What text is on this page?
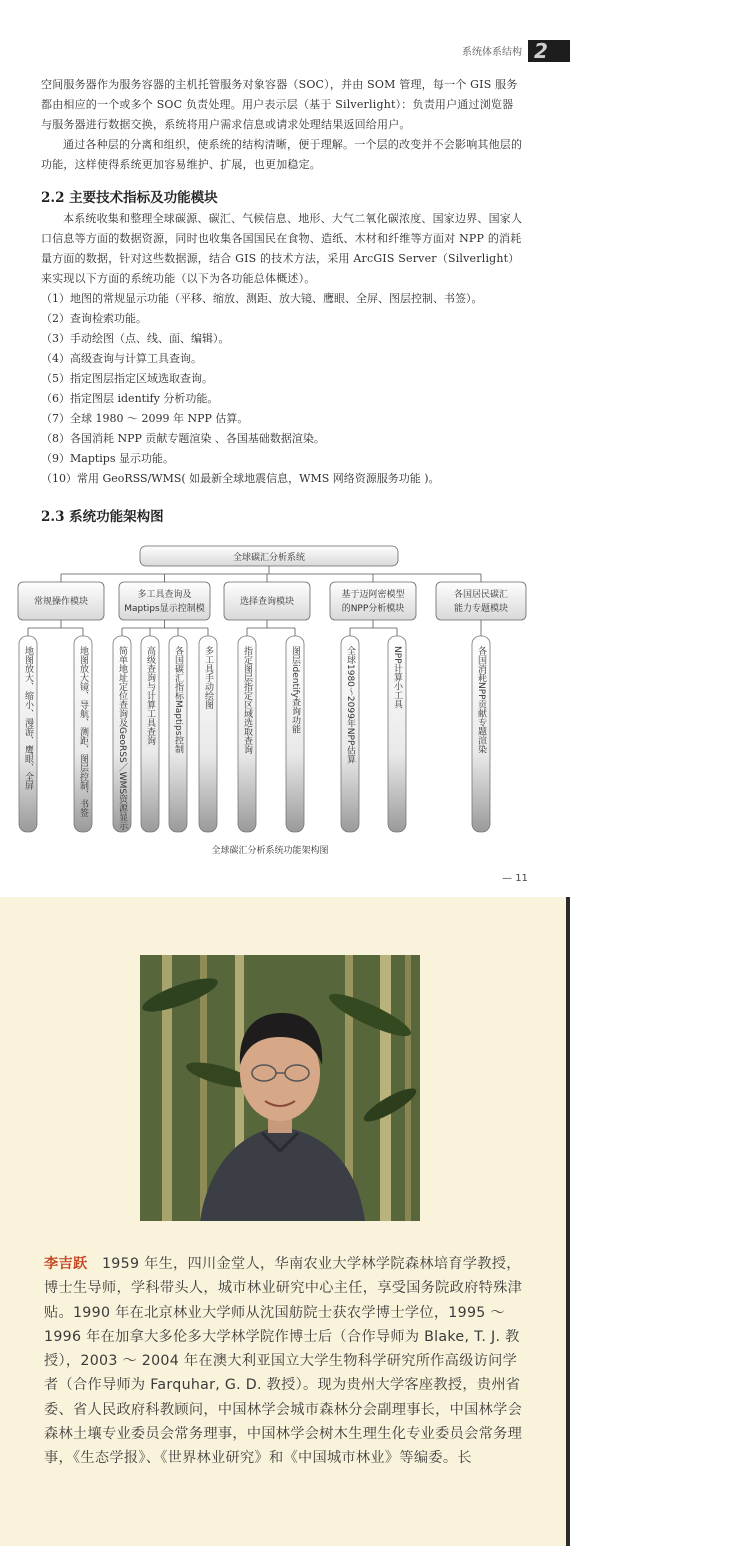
系统体系结构 2
空间服务器作为服务容器的主机托管服务对象容器（SOC），并由 SOM 管理，每一个 GIS 服务都由相应的一个或多个 SOC 负责处理。用户表示层（基于 Silverlight）：负责用户通过浏览器与服务器进行数据交换，系统将用户需求信息或请求处理结果返回给用户。
通过各种层的分离和组织，使系统的结构清晰，便于理解。一个层的改变并不会影响其他层的功能，这样使得系统更加容易维护、扩展，也更加稳定。
2.2 主要技术指标及功能模块
本系统收集和整理全球碳源、碳汇、气候信息、地形、大气二氧化碳浓度、国家边界、国家人口信息等方面的数据资源，同时也收集各国国民在食物、造纸、木材和纤维等方面对 NPP 的消耗量方面的数据，针对这些数据源，结合 GIS 的技术方法，采用 ArcGIS Server（Silverlight）来实现以下方面的系统功能（以下为各功能总体概述）。
（1）地图的常规显示功能（平移、缩放、测距、放大镜、鹰眼、全屏、图层控制、书签）。
（2）查询检索功能。
（3）手动绘图（点、线、面、编辑）。
（4）高级查询与计算工具查询。
（5）指定图层指定区域选取查询。
（6）指定图层 identify 分析功能。
（7）全球 1980 ～ 2099 年 NPP 估算。
（8）各国消耗 NPP 贡献专题渲染 、各国基础数据渲染。
（9）Maptips 显示功能。
（10）常用 GeoRSS/WMS( 如最新全球地震信息，WMS 网络资源服务功能 )。
2.3 系统功能架构图
全球碳汇分析系统
常规操作模块
多工具查询及
Maptips显示控制模
选择查询模块
基于迈阿密模型
的NPP分析模块
各国居民碳汇
能力专题模块
地图放大、缩小、漫游、鹰眼、全屏	地图放大镜、导航、测距、图层控制、书签	简单地址定位查询及GeoRSS／WMS资源显示 高级查询与计算工具查询 各国碳汇指标Maptips控制 多工具手动绘图	指定图层指定区域选取查询	图层identify查询功能	全球1980～2099年NPP估算	NPP计算小工具	各国消耗NPP贡献专题渲染
全球碳汇分析系统功能架构图
— 11
李吉跃　 1959 年生，四川金堂人，华南农业大学林学院森林培育学教授，博士生导师，学科带头人，城市林业研究中心主任，享受国务院政府特殊津贴。1990 年在北京林业大学师从沈国舫院士获农学博士学位，1995 ～ 1996 年在加拿大多伦多大学林学院作博士后（合作导师为 Blake, T. J. 教授），2003 ～ 2004 年在澳大利亚国立大学生物科学研究所作高级访问学者（合作导师为 Farquhar, G. D. 教授）。现为贵州大学客座教授，贵州省委、省人民政府科教顾问，中国林学会城市森林分会副理事长，中国林学会森林土壤专业委员会常务理事，中国林学会树木生理生化专业委员会常务理事，《生态学报》、《世界林业研究》和《中国城市林业》等编委。长
